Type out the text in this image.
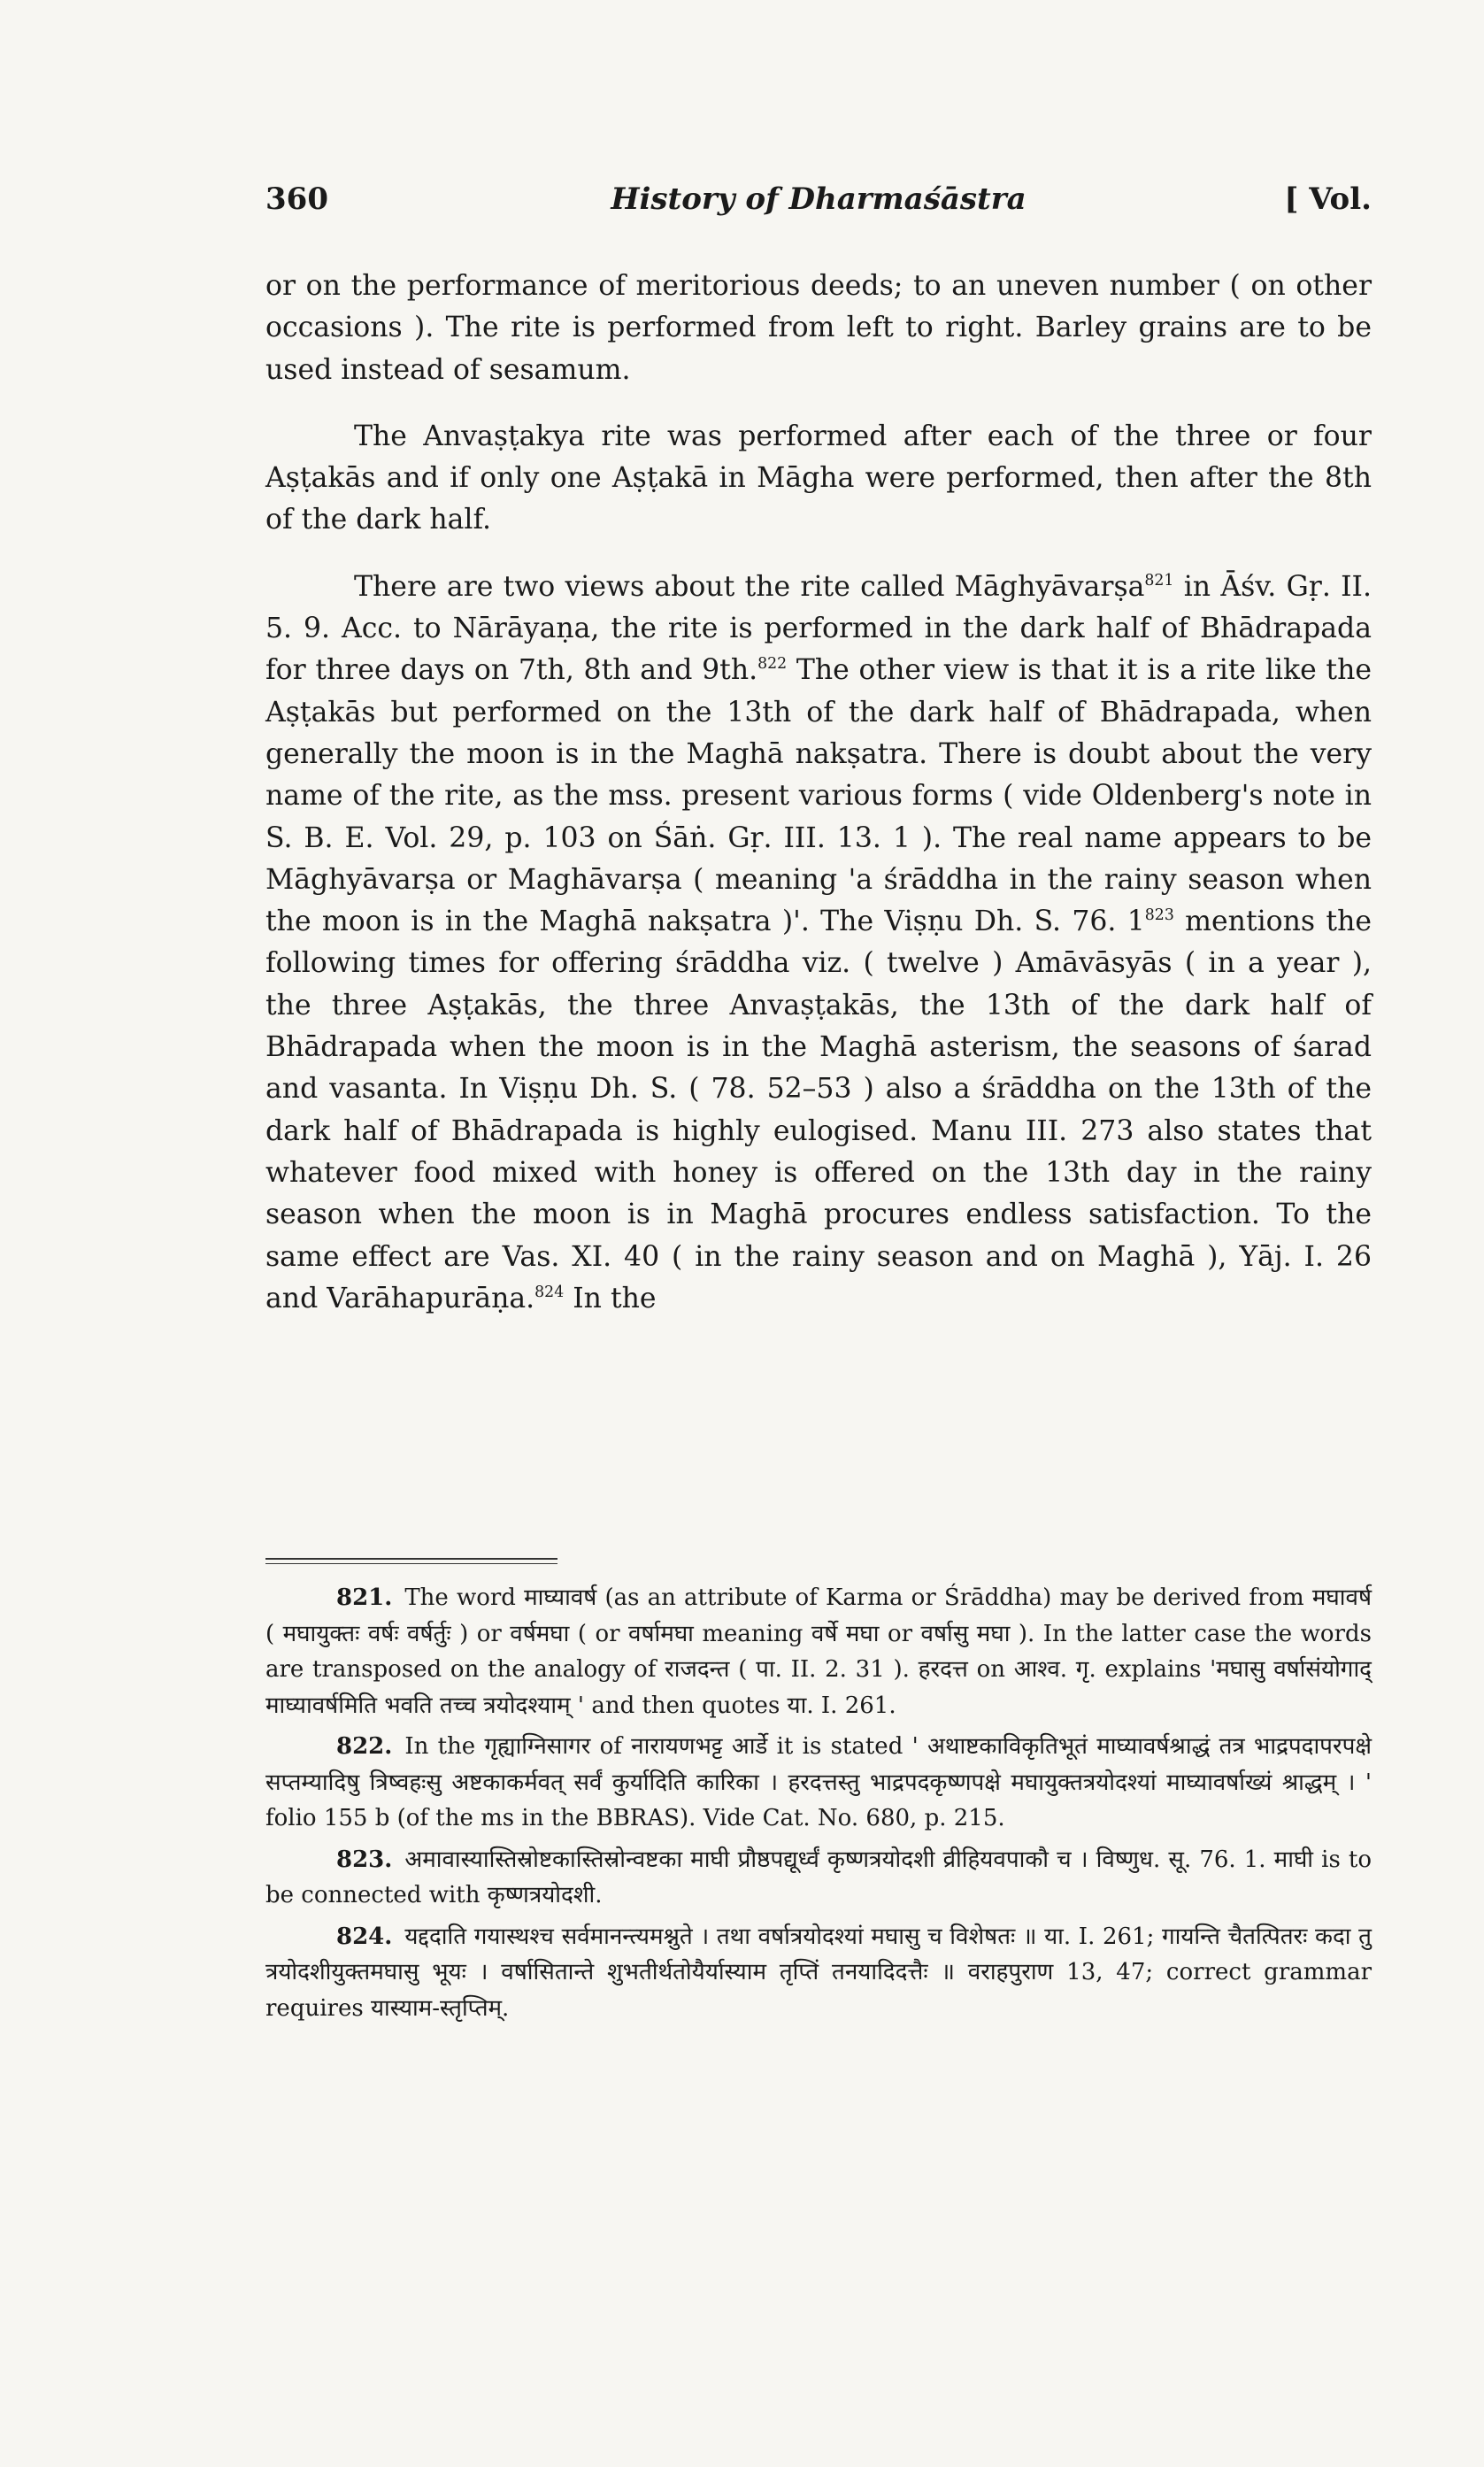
360	History of Dharmaśāstra	[ Vol.

or on the performance of meritorious deeds; to an uneven number ( on other occasions ). The rite is performed from left to right. Barley grains are to be used instead of sesamum.

The Anvaṣṭakya rite was performed after each of the three or four Aṣṭakās and if only one Aṣṭakā in Māgha were performed, then after the 8th of the dark half.

There are two views about the rite called Māghyāvarṣa$^{821}$ in Āśv. Gṛ. II. 5. 9. Acc. to Nārāyaṇa, the rite is performed in the dark half of Bhādrapada for three days on 7th, 8th and 9th.$^{822}$ The other view is that it is a rite like the Aṣṭakās but performed on the 13th of the dark half of Bhādrapada, when generally the moon is in the Maghā nakṣatra. There is doubt about the very name of the rite, as the mss. present various forms ( vide Oldenberg's note in S. B. E. Vol. 29, p. 103 on Śāṅ. Gṛ. III. 13. 1 ). The real name appears to be Māghyāvarṣa or Maghāvarṣa ( meaning 'a śrāddha in the rainy season when the moon is in the Maghā nakṣatra )'. The Viṣṇu Dh. S. 76. $1^{823}$ mentions the following times for offering śrāddha viz. ( twelve ) Amāvāsyās ( in a year ), the three Aṣṭakās, the three Anvaṣṭakās, the 13th of the dark half of Bhādrapada when the moon is in the Maghā asterism, the seasons of śarad and vasanta. In Viṣṇu Dh. S. ( 78. 52–53 ) also a śrāddha on the 13th of the dark half of Bhādrapada is highly eulogised. Manu III. 273 also states that whatever food mixed with honey is offered on the 13th day in the rainy season when the moon is in Maghā procures endless satisfaction. To the same effect are Vas. XI. 40 ( in the rainy season and on Maghā ), Yāj. I. 26 and Varāhapurāṇa.$^{824}$ In the

821. The word माघ्यावर्ष (as an attribute of Karma or Śrāddha) may be derived from मघावर्ष ( मघायुक्तः वर्षः वर्षर्तुः ) or वर्षमघा ( or वर्षामघा meaning वर्षे मघा or वर्षासु मघा ). In the latter case the words are transposed on the analogy of राजदन्त ( पा. II. 2. 31 ). हरदत्त on आश्व. गृ. explains 'मघासु वर्षासंयोगाद् माघ्यावर्षमिति भवति तच्च त्रयोदश्याम् ' and then quotes या. I. 261.

822. In the गृह्याग्निसागर of नारायणभट्ट आर्डे it is stated ' अथाष्टकाविकृतिभूतं माघ्यावर्षश्राद्धं तत्र भाद्रपदापरपक्षे सप्तम्यादिषु त्रिष्वहःसु अष्टकाकर्मवत् सर्वं कुर्यादिति कारिका । हरदत्तस्तु भाद्रपदकृष्णपक्षे मघायुक्तत्रयोदश्यां माघ्यावर्षाख्यं श्राद्धम् । ' folio 155 b (of the ms in the BBRAS). Vide Cat. No. 680, p. 215.

823. अमावास्यास्तिस्रोष्टकास्तिस्रोन्वष्टका माघी प्रौष्ठपद्यूर्ध्वं कृष्णत्रयोदशी व्रीहियवपाकौ च । विष्णुध. सू. 76. 1. माघी is to be connected with कृष्णत्रयोदशी.

824. यद्ददाति गयास्थश्च सर्वमानन्त्यमश्नुते । तथा वर्षात्रयोदश्यां मघासु च विशेषतः ॥ या. I. 261; गायन्ति चैतत्पितरः कदा तु त्रयोदशीयुक्तमघासु भूयः । वर्षासितान्ते शुभतीर्थतोयैर्यास्याम तृप्तिं तनयादिदत्तैः ॥ वराहपुराण 13, 47; correct grammar requires यास्याम-स्तृप्तिम्.
